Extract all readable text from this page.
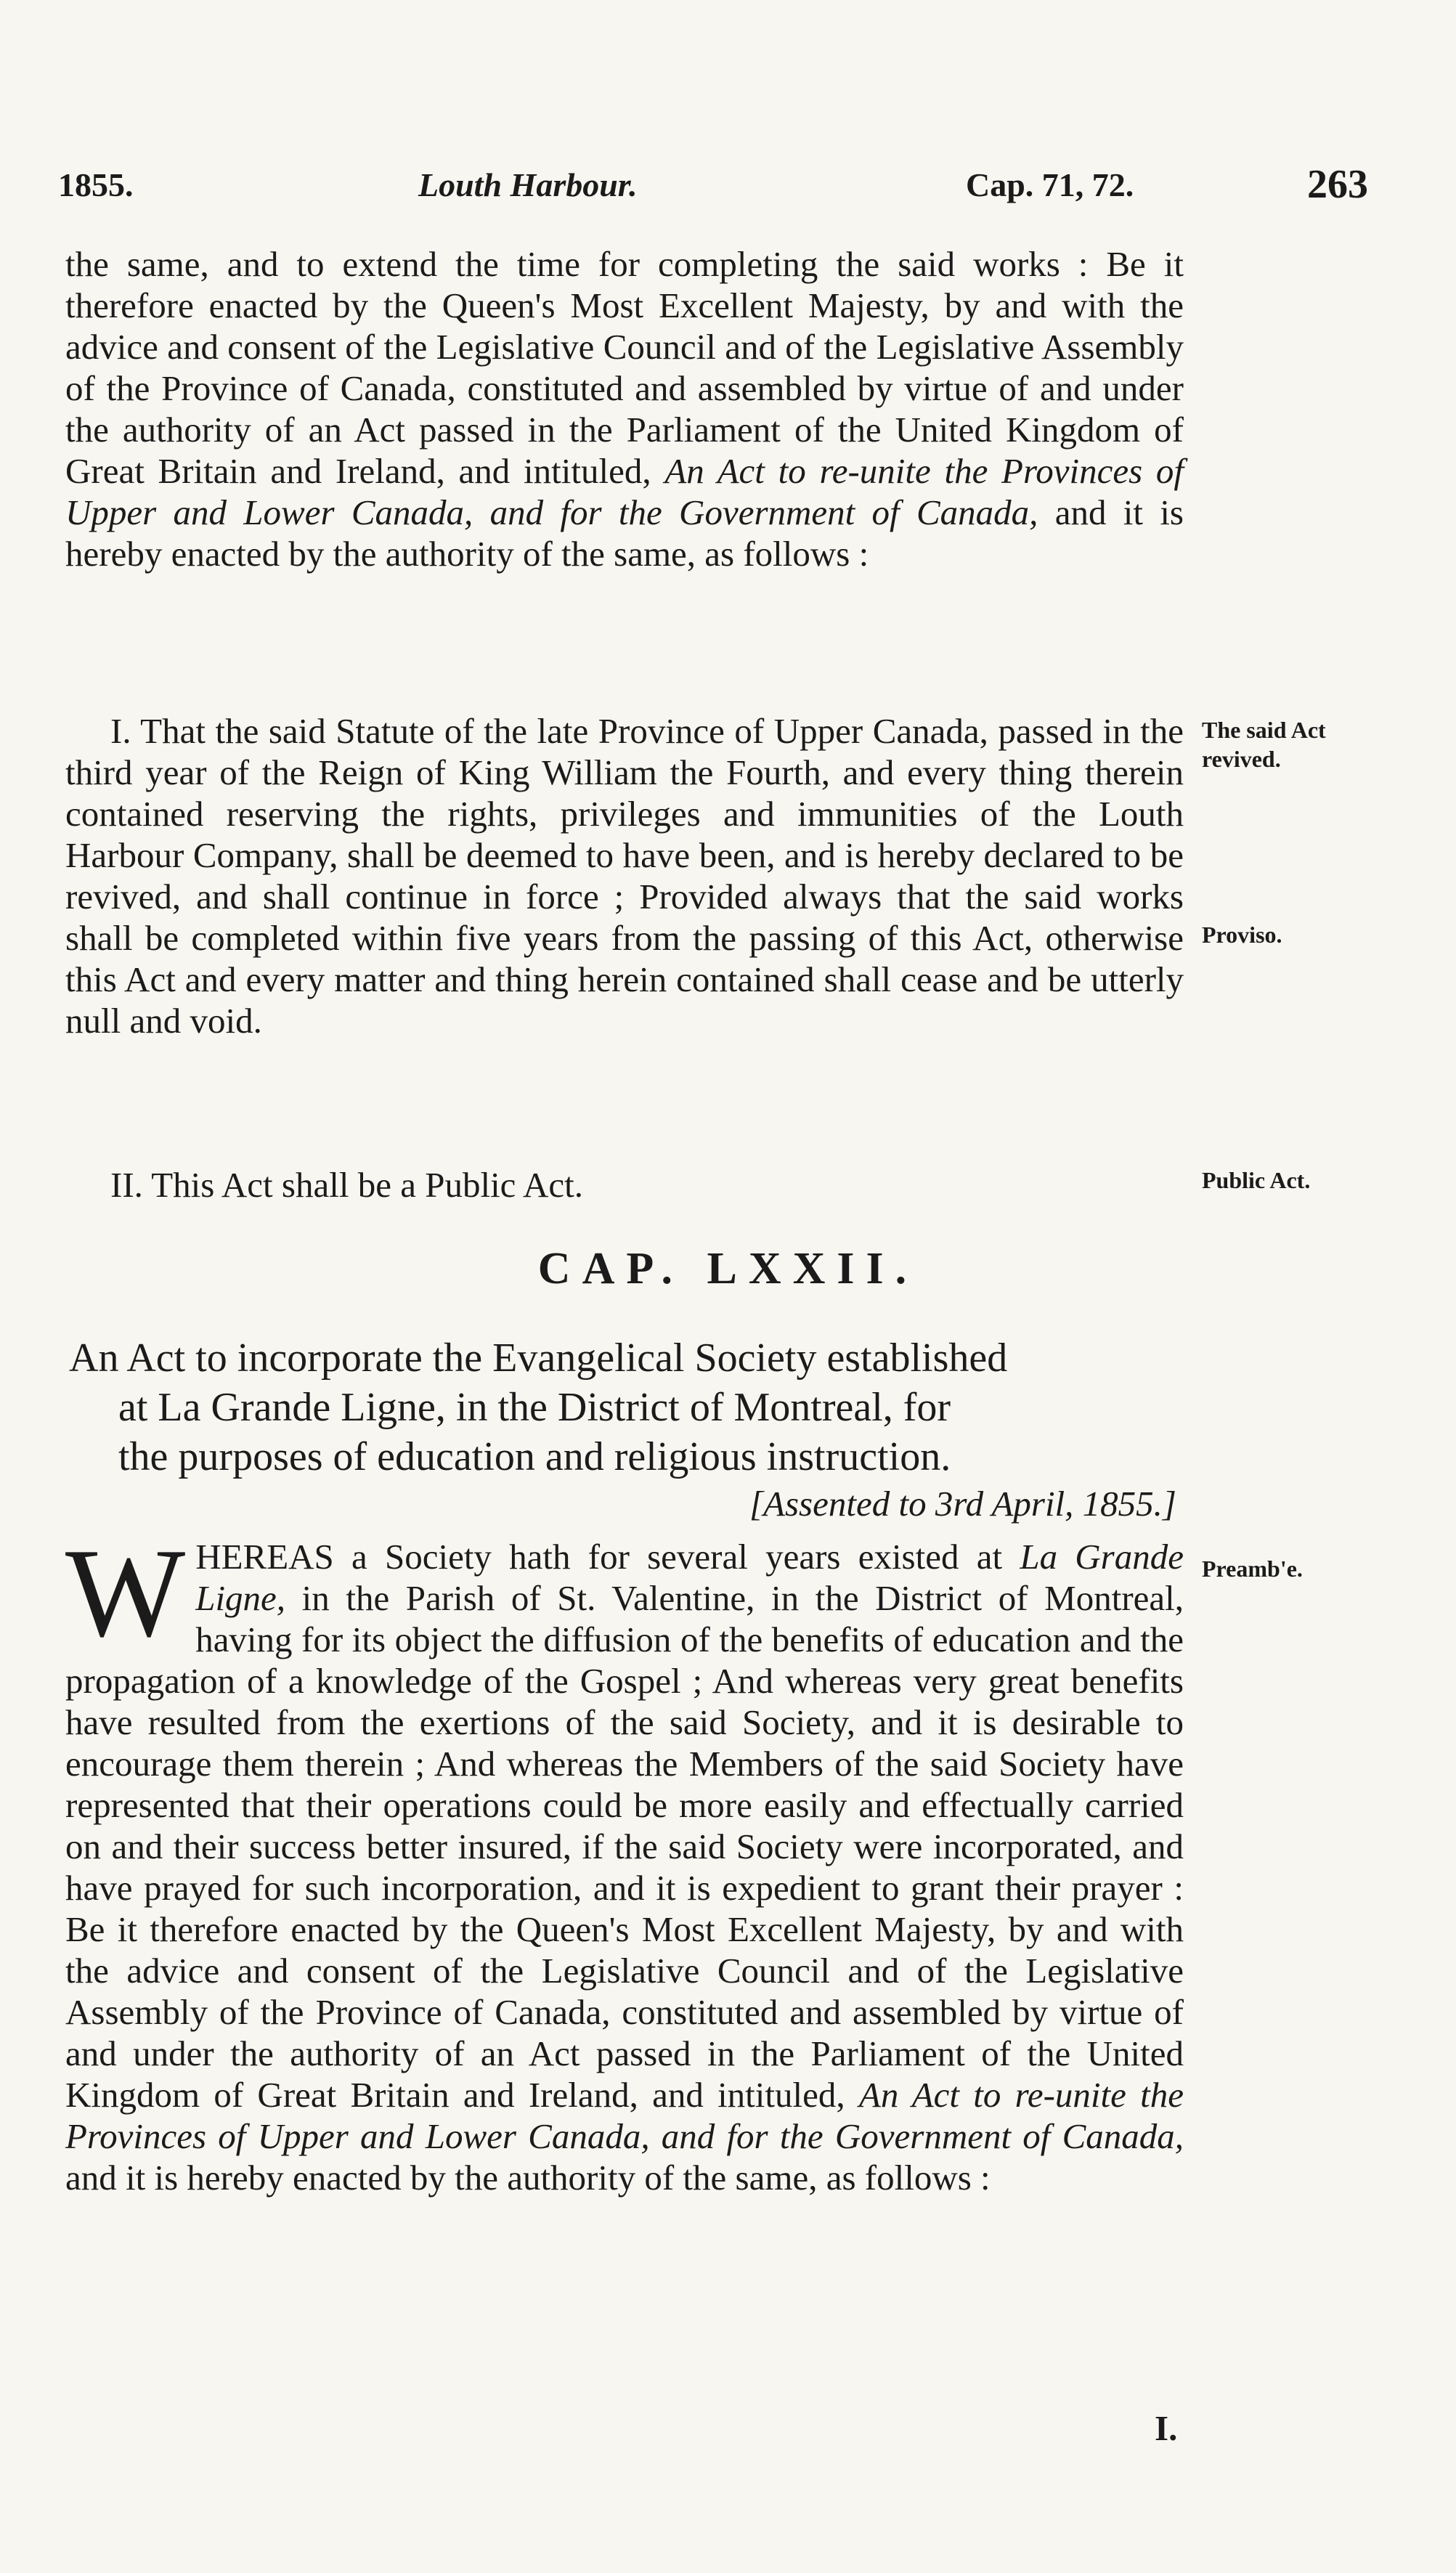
1855.	Louth Harbour.	Cap. 71, 72.	263

the same, and to extend the time for completing the said works : Be it therefore enacted by the Queen's Most Excellent Majesty, by and with the advice and consent of the Legislative Council and of the Legislative Assembly of the Province of Canada, constituted and assembled by virtue of and under the authority of an Act passed in the Parliament of the United Kingdom of Great Britain and Ireland, and intituled, An Act to re-unite the Provinces of Upper and Lower Canada, and for the Government of Canada, and it is hereby enacted by the authority of the same, as follows :

I. That the said Statute of the late Province of Upper Canada, passed in the third year of the Reign of King William the Fourth, and every thing therein contained reserving the rights, privileges and immunities of the Louth Harbour Company, shall be deemed to have been, and is hereby declared to be revived, and shall continue in force ; Provided always that the said works shall be completed within five years from the passing of this Act, otherwise this Act and every matter and thing herein contained shall cease and be utterly null and void.

II. This Act shall be a Public Act.

The said Act revived.
Proviso.
Public Act.
Preamb'e.
CAP. LXXII.
An Act to incorporate the Evangelical Society established
at La Grande Ligne, in the District of Montreal, for
the purposes of education and religious instruction.
[Assented to 3rd April, 1855.]

W HEREAS a Society hath for several years existed at La Grande Ligne, in the Parish of St. Valentine, in the District of Montreal, having for its object the diffusion of the benefits of education and the propagation of a knowledge of the Gospel ; And whereas very great benefits have resulted from the exertions of the said Society, and it is desirable to encourage them therein ; And whereas the Members of the said Society have represented that their operations could be more easily and effectually carried on and their success better insured, if the said Society were incorporated, and have prayed for such incorporation, and it is expedient to grant their prayer : Be it therefore enacted by the Queen's Most Excellent Majesty, by and with the advice and consent of the Legislative Council and of the Legislative Assembly of the Province of Canada, constituted and assembled by virtue of and under the authority of an Act passed in the Parliament of the United Kingdom of Great Britain and Ireland, and intituled, An Act to re-unite the Provinces of Upper and Lower Canada, and for the Government of Canada, and it is hereby enacted by the authority of the same, as follows :

I.
